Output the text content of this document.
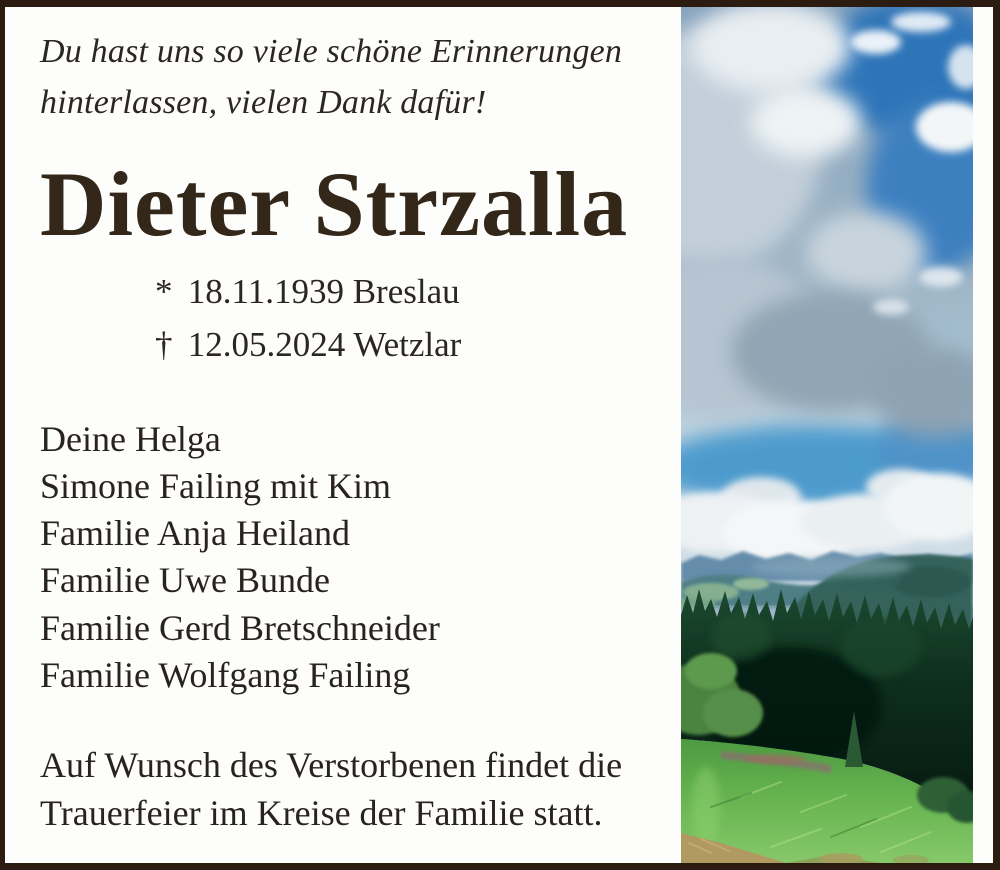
Du hast uns so viele schöne Erinnerungen
hinterlassen, vielen Dank dafür!

Dieter Strzalla
* 18.11.1939 Breslau
† 12.05.2024 Wetzlar
Deine Helga
Simone Failing mit Kim
Familie Anja Heiland
Familie Uwe Bunde
Familie Gerd Bretschneider
Familie Wolfgang Failing

Auf Wunsch des Verstorbenen findet die
Trauerfeier im Kreise der Familie statt.
